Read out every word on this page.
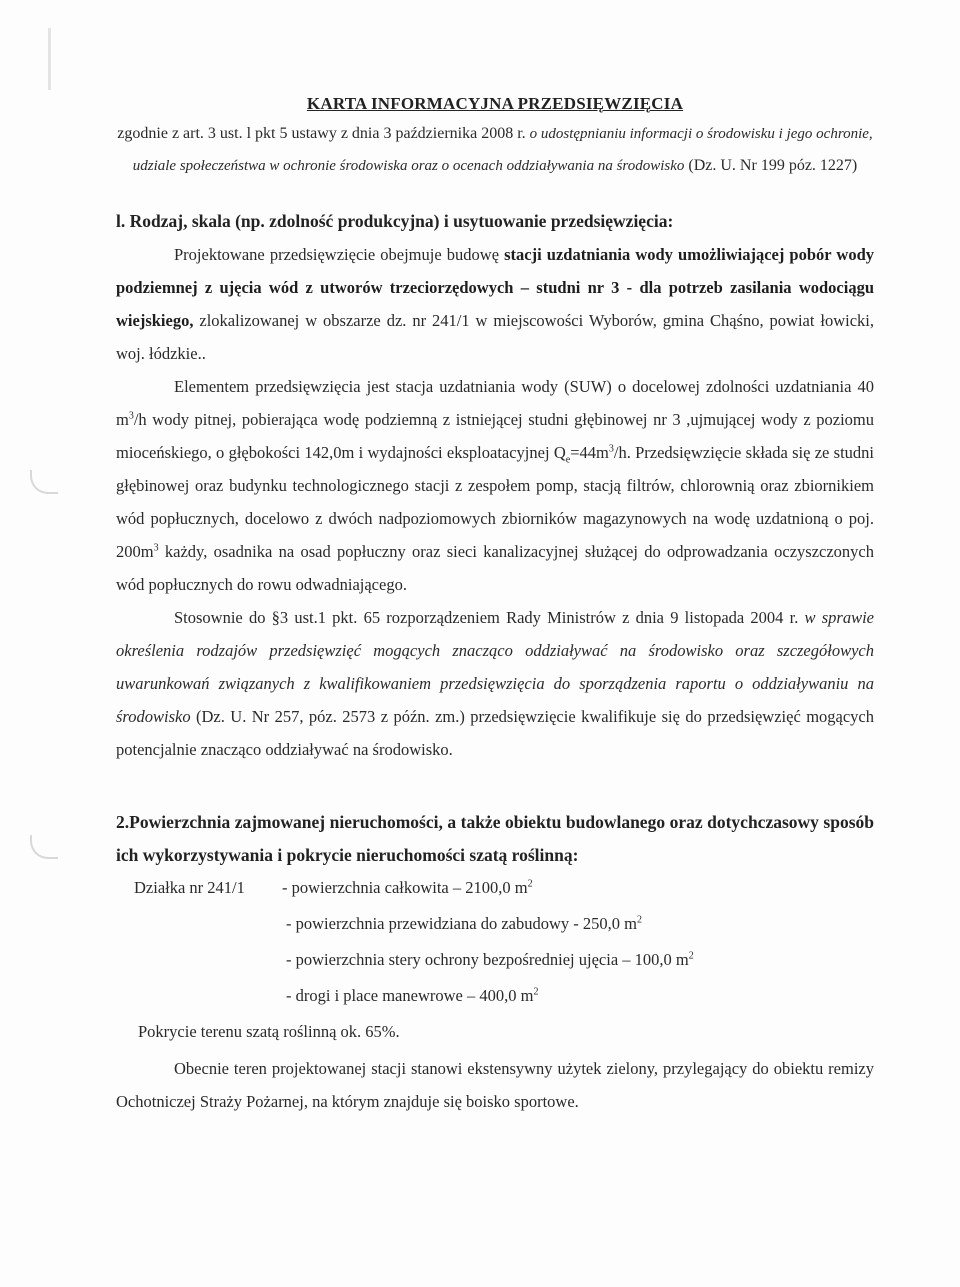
KARTA INFORMACYJNA PRZEDSIĘWZIĘCIA

zgodnie z art. 3 ust. l pkt 5 ustawy z dnia 3 października 2008 r. o udostępnianiu informacji o środowisku i jego ochronie, udziale społeczeństwa w ochronie środowiska oraz o ocenach oddziaływania na środowisko (Dz. U. Nr 199 póz. 1227)

l. Rodzaj, skala (np. zdolność produkcyjna) i usytuowanie przedsięwzięcia:

Projektowane przedsięwzięcie obejmuje budowę stacji uzdatniania wody umożliwiającej pobór wody podziemnej z ujęcia wód z utworów trzeciorzędowych – studni nr 3 - dla potrzeb zasilania wodociągu wiejskiego, zlokalizowanej w obszarze dz. nr 241/1 w miejscowości Wyborów, gmina Chąśno, powiat łowicki, woj. łódzkie..

Elementem przedsięwzięcia jest stacja uzdatniania wody (SUW) o docelowej zdolności uzdatniania 40 $m^3/h$ wody pitnej, pobierająca wodę podziemną z istniejącej studni głębinowej nr 3 ,ujmującej wody z poziomu mioceńskiego, o głębokości 142,0m i wydajności eksploatacyjnej $Q_e=44m^3/h$. Przedsięwzięcie składa się ze studni głębinowej oraz budynku technologicznego stacji z zespołem pomp, stacją filtrów, chlorownią oraz zbiornikiem wód popłucznych, docelowo z dwóch nadpoziomowych zbiorników magazynowych na wodę uzdatnioną o poj. $200m^3$ każdy, osadnika na osad popłuczny oraz sieci kanalizacyjnej służącej do odprowadzania oczyszczonych wód popłucznych do rowu odwadniającego.

Stosownie do §3 ust.1 pkt. 65 rozporządzeniem Rady Ministrów z dnia 9 listopada 2004 r. w sprawie określenia rodzajów przedsięwzięć mogących znacząco oddziaływać na środowisko oraz szczegółowych uwarunkowań związanych z kwalifikowaniem przedsięwzięcia do sporządzenia raportu o oddziaływaniu na środowisko (Dz. U. Nr 257, póz. 2573 z późn. zm.) przedsięwzięcie kwalifikuje się do przedsięwzięć mogących potencjalnie znacząco oddziaływać na środowisko.

2.Powierzchnia zajmowanej nieruchomości, a także obiektu budowlanego oraz dotychczasowy sposób ich wykorzystywania i pokrycie nieruchomości szatą roślinną:

Działka nr 241/1 - powierzchnia całkowita – 2100,0 $m^2$
- powierzchnia przewidziana do zabudowy - 250,0 $m^2$
- powierzchnia stery ochrony bezpośredniej ujęcia – 100,0 $m^2$
- drogi i place manewrowe – 400,0 $m^2$

Pokrycie terenu szatą roślinną ok. 65%.

Obecnie teren projektowanej stacji stanowi ekstensywny użytek zielony, przylegający do obiektu remizy Ochotniczej Straży Pożarnej, na którym znajduje się boisko sportowe.
